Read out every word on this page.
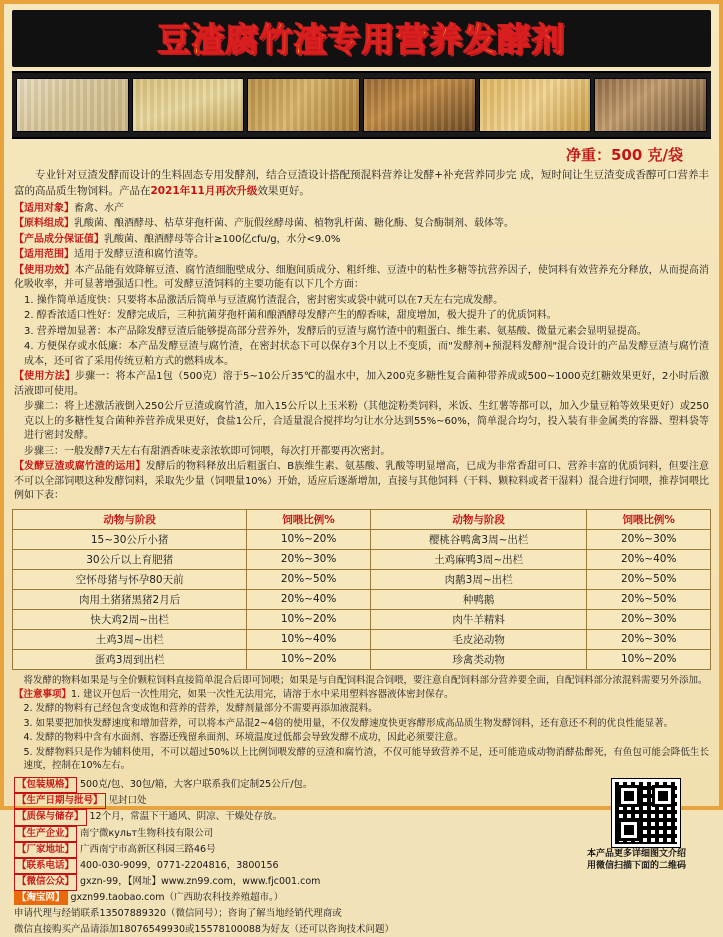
豆渣腐竹渣专用营养发酵剂
净重：500 克/袋
专业针对豆渣发酵而设计的生料固态专用发酵剂，结合豆渣设计搭配预混料营养让发酵+补充营养同步完 成，短时间让生豆渣变成香醇可口营养丰富的高品质生物饲料。产品在2021年11月再次升级效果更好。
【适用对象】畜禽、水产
【原料组成】乳酸菌、酿酒酵母、枯草芽孢杆菌、产朊假丝酵母菌、植物乳杆菌、糖化酶、复合酶制剂、载体等。
【产品成分保证值】乳酸菌、酿酒酵母等合计≥100亿cfu/g，水分<9.0%
【适用范围】适用于发酵豆渣和腐竹渣等。
【使用功效】本产品能有效降解豆渣、腐竹渣细胞壁成分、细胞间质成分、粗纤维、豆渣中的粘性多糖等抗营养因子，使饲料有效营养充分释放，从而提高消化吸收率，并可显著增强适口性。可发酵豆渣饲料的主要功能有以下几个方面：
1. 操作简单适度快：只要将本品激活后简单与豆渣腐竹渣混合，密封密实或袋中就可以在7天左右完成发酵。
2. 醇香浓适口性好：发酵完成后，三种抗菌芽孢杆菌和酿酒酵母发酵产生的醇香味，甜度增加，极大提升了的优质饲料。
3. 营养增加显著：本产品除发酵豆渣后能够提高部分营养外，发酵后的豆渣与腐竹渣中的粗蛋白、维生素、氨基酸、微量元素会显明显提高。
4. 方便保存或水低廉：本产品发酵豆渣与腐竹渣，在密封状态下可以保存3个月以上不变质，而"发酵剂+预混料发酵剂"混合设计的产品发酵豆渣与腐竹渣成本，还可省了采用传统豆粕方式的燃料成本。
【使用方法】步骤一：将本产品1包（500克）溶于5~10公斤35℃的温水中，加入200克多糖性复合菌种带养成或500~1000克红糖效果更好，2小时后激活液即可使用。
步骤二：将上述激活液倒入250公斤豆渣或腐竹渣，加入15公斤以上玉米粉（其他淀粉类饲料，米饭、生红薯等都可以，加入少量豆粕等效果更好）或250克以上的多糖性复合菌种养营养成果更好，食盐1公斤，合适量混合搅拌均匀让水分达到55%~60%，简单混合均匀，投入装有非金属类的容器、塑料袋等进行密封发酵。
步骤三：一般发酵7天左右有甜酒香味麦亲浓软即可饲喂，每次打开都要再次密封。
【发酵豆渣或腐竹渣的运用】发酵后的物料释放出后粗蛋白、B族维生素、氨基酸、乳酸等明显增高，已成为非常香甜可口、营养丰富的优质饲料，但要注意不可以全部饲喂这种发酵饲料，采取先少量（饲喂量10%）开始，适应后逐渐增加，直接与其他饲料（干料、颗粒料或者干湿料）混合进行饲喂，推荐饲喂比例如下表：
动物与阶段	饲喂比例%	动物与阶段	饲喂比例%
15~30公斤小猪	10%~20%	樱桃谷鸭禽3周~出栏	20%~30%
30公斤以上育肥猪	20%~30%	土鸡麻鸭3周~出栏	20%~40%
空怀母猪与怀孕80天前	20%~50%	肉鹅3周~出栏	20%~50%
肉用土猪猪黑猪2月后	20%~40%	种鸭鹅	20%~50%
快大鸡2周~出栏	10%~20%	肉牛羊精料	20%~30%
土鸡3周~出栏	10%~40%	毛皮泌动物	20%~30%
蛋鸡3周到出栏	10%~20%	珍禽类动物	10%~20%
将发酵的物料如果是与全价颗粒饲料直接简单混合后即可饲喂；如果是与自配饲料混合饲喂，要注意自配饲料部分营养要全面，自配饲料部分浓混料需要另外添加。
【注意事项】1. 建议开包后一次性用完，如果一次性无法用完，请溶于水中采用塑料容器液体密封保存。
2. 发酵的物料有己经包含变成饱和营养的营养，发酵剂量部分不需要再添加液混料。
3. 如果要把加快发酵速度和增加营养，可以将本产品混2~4倍的使用量，不仅发酵速度快更容酵形成高品质生物发酵饲料，还有意还不利的优良性能显著。
4. 发酵的物料中含有水面剂、容器还残留糸面剂、环境温度过低都会导致发酵不成功，因此必须要注意。
5. 发酵物料只是作为辅料使用，不可以超过50%以上比例饲喂发酵的豆渣和腐竹渣，不仅可能导致营养不足，还可能造成动物消酵盐醉死，有鱼包可能会降低生长速度，控制在10%左右。
本产品更多详细图文介绍
用微信扫描下面的二维码
【包装规格】 500克/包、30包/箱，大客户联系我们定制25公斤/包。
【生产日期与批号】 见封口处
【质保与储存】 12个月，常温下干通风、阴凉、干燥处存放。
【生产企业】 南宁微культ生物科技有限公司
【厂家地址】 广西南宁市高新区科园三路46号
【联系电话】 400-030-9099，0771-2204816，3800156
【微信公众】 gxzn-99，【网址】www.zn99.com，www.fjc001.com
【淘宝网】 gxzn99.taobao.com（广西助农科技养殖超市。）
申请代理与经销联系13507889320（微信同号）；咨询了解当地经销代理商或
微信直接购买产品请添加18076549930或15578100088为好友（还可以咨询技术问题）
